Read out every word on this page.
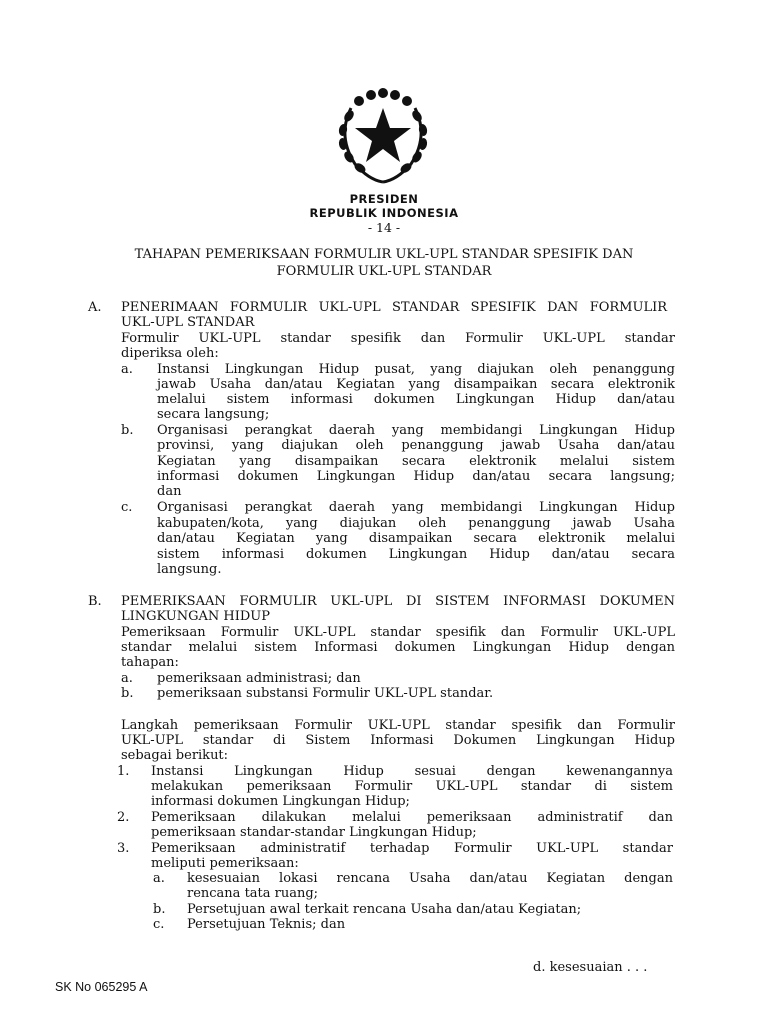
PRESIDEN
REPUBLIK INDONESIA
- 14 -
TAHAPAN PEMERIKSAAN FORMULIR UKL-UPL STANDAR SPESIFIK DAN
FORMULIR UKL-UPL STANDAR
A. PENERIMAAN FORMULIR UKL-UPL STANDAR SPESIFIK DAN FORMULIR
UKL-UPL STANDAR
Formulir UKL-UPL standar spesifik dan Formulir UKL-UPL standar
diperiksa oleh:
a. Instansi Lingkungan Hidup pusat, yang diajukan oleh penanggung
jawab Usaha dan/atau Kegiatan yang disampaikan secara elektronik
melalui sistem informasi dokumen Lingkungan Hidup dan/atau
secara langsung;
b. Organisasi perangkat daerah yang membidangi Lingkungan Hidup
provinsi, yang diajukan oleh penanggung jawab Usaha dan/atau
Kegiatan yang disampaikan secara elektronik melalui sistem
informasi dokumen Lingkungan Hidup dan/atau secara langsung;
dan
c. Organisasi perangkat daerah yang membidangi Lingkungan Hidup
kabupaten/kota, yang diajukan oleh penanggung jawab Usaha
dan/atau Kegiatan yang disampaikan secara elektronik melalui
sistem informasi dokumen Lingkungan Hidup dan/atau secara
langsung.
B. PEMERIKSAAN FORMULIR UKL-UPL DI SISTEM INFORMASI DOKUMEN
LINGKUNGAN HIDUP
Pemeriksaan Formulir UKL-UPL standar spesifik dan Formulir UKL-UPL
standar melalui sistem Informasi dokumen Lingkungan Hidup dengan
tahapan:
a. pemeriksaan administrasi; dan
b. pemeriksaan substansi Formulir UKL-UPL standar.
Langkah pemeriksaan Formulir UKL-UPL standar spesifik dan Formulir
UKL-UPL standar di Sistem Informasi Dokumen Lingkungan Hidup
sebagai berikut:
1. Instansi Lingkungan Hidup sesuai dengan kewenangannya
melakukan pemeriksaan Formulir UKL-UPL standar di sistem
informasi dokumen Lingkungan Hidup;
2. Pemeriksaan dilakukan melalui pemeriksaan administratif dan
pemeriksaan standar-standar Lingkungan Hidup;
3. Pemeriksaan administratif terhadap Formulir UKL-UPL standar
meliputi pemeriksaan:
a. kesesuaian lokasi rencana Usaha dan/atau Kegiatan dengan
rencana tata ruang;
b. Persetujuan awal terkait rencana Usaha dan/atau Kegiatan;
c. Persetujuan Teknis; dan
d. kesesuaian . . .
SK No 065295 A
